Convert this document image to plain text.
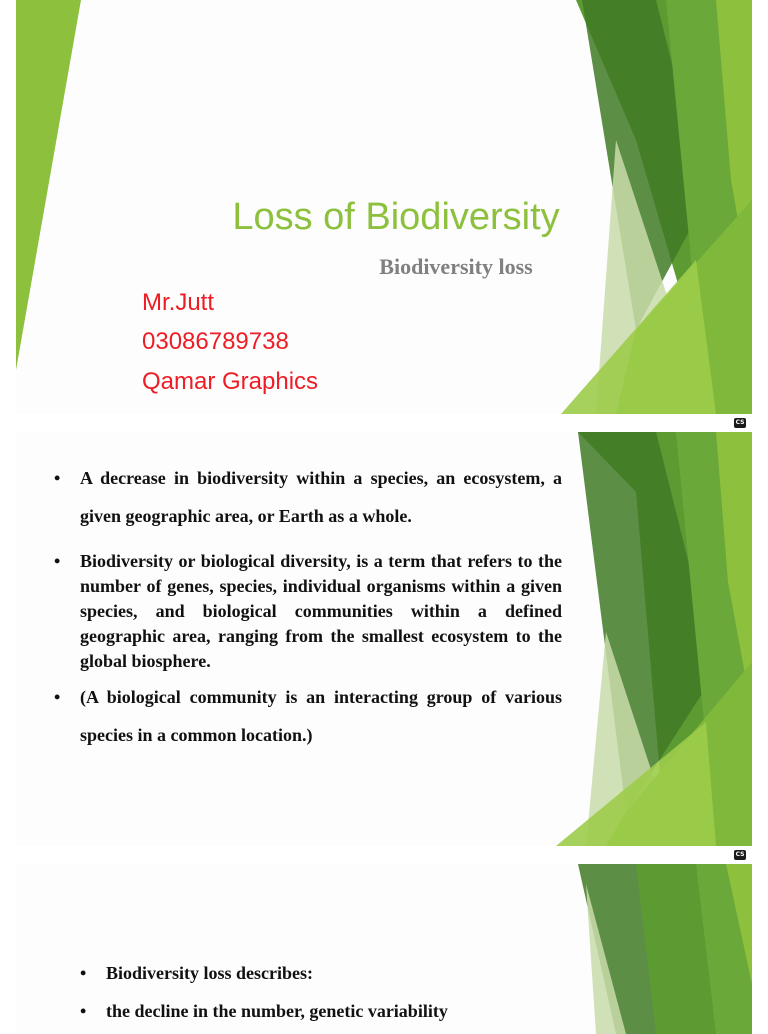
Loss of Biodiversity
Biodiversity loss
Mr.Jutt
03086789738
Qamar Graphics
CS
• A decrease in biodiversity within a species, an ecosystem, a given geographic area, or Earth as a whole.
• Biodiversity or biological diversity, is a term that refers to the number of genes, species, individual organisms within a given species, and biological communities within a defined geographic area, ranging from the smallest ecosystem to the global biosphere.
• (A biological community is an interacting group of various species in a common location.)
CS
• Biodiversity loss describes:
• the decline in the number, genetic variability
